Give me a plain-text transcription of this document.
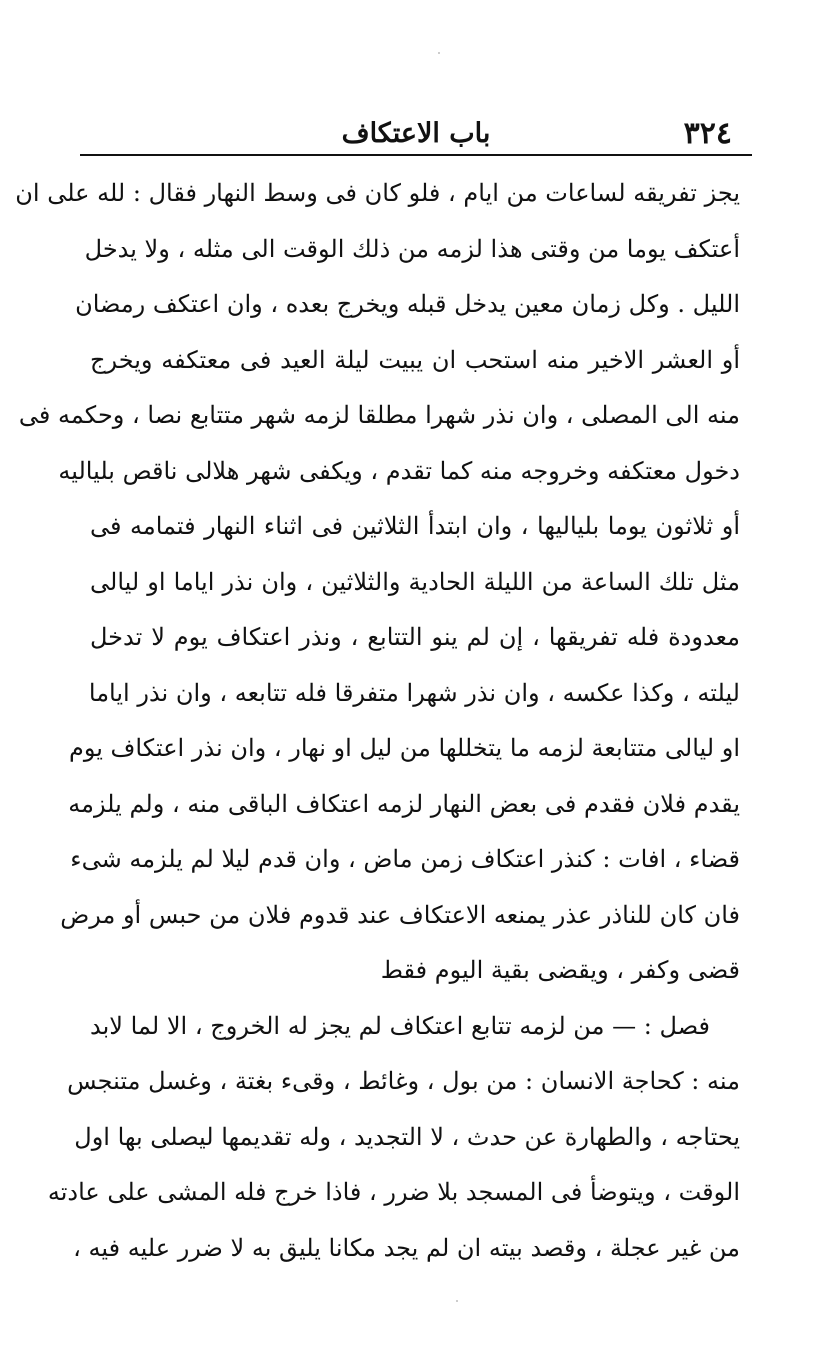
٣٢٤
باب الاعتكاف
يجز تفريقه لساعات من ايام ، فلو كان فى وسط النهار فقال : لله على ان
أعتكف يوما من وقتى هذا لزمه من ذلك الوقت الى مثله ، ولا يدخل
الليل . وكل زمان معين يدخل قبله ويخرج بعده ، وان اعتكف رمضان
أو العشر الاخير منه استحب ان يبيت ليلة العيد فى معتكفه ويخرج
منه الى المصلى ، وان نذر شهرا مطلقا لزمه شهر متتابع نصا ، وحكمه فى
دخول معتكفه وخروجه منه كما تقدم ، ويكفى شهر هلالى ناقص بلياليه
أو ثلاثون يوما بلياليها ، وان ابتدأ الثلاثين فى اثناء النهار فتمامه فى
مثل تلك الساعة من الليلة الحادية والثلاثين ، وان نذر اياما او ليالى
معدودة فله تفريقها ، إن لم ينو التتابع ، ونذر اعتكاف يوم لا تدخل
ليلته ، وكذا عكسه ، وان نذر شهرا متفرقا فله تتابعه ، وان نذر اياما
او ليالى متتابعة لزمه ما يتخللها من ليل او نهار ، وان نذر اعتكاف يوم
يقدم فلان فقدم فى بعض النهار لزمه اعتكاف الباقى منه ، ولم يلزمه
قضاء ، افات : كنذر اعتكاف زمن ماض ، وان قدم ليلا لم يلزمه شىء
فان كان للناذر عذر يمنعه الاعتكاف عند قدوم فلان من حبس أو مرض
قضى وكفر ، ويقضى بقية اليوم فقط
فصل : — من لزمه تتابع اعتكاف لم يجز له الخروج ، الا لما لابد
منه : كحاجة الانسان : من بول ، وغائط ، وقىء بغتة ، وغسل متنجس
يحتاجه ، والطهارة عن حدث ، لا التجديد ، وله تقديمها ليصلى بها اول
الوقت ، ويتوضأ فى المسجد بلا ضرر ، فاذا خرج فله المشى على عادته
من غير عجلة ، وقصد بيته ان لم يجد مكانا يليق به لا ضرر عليه فيه ،
